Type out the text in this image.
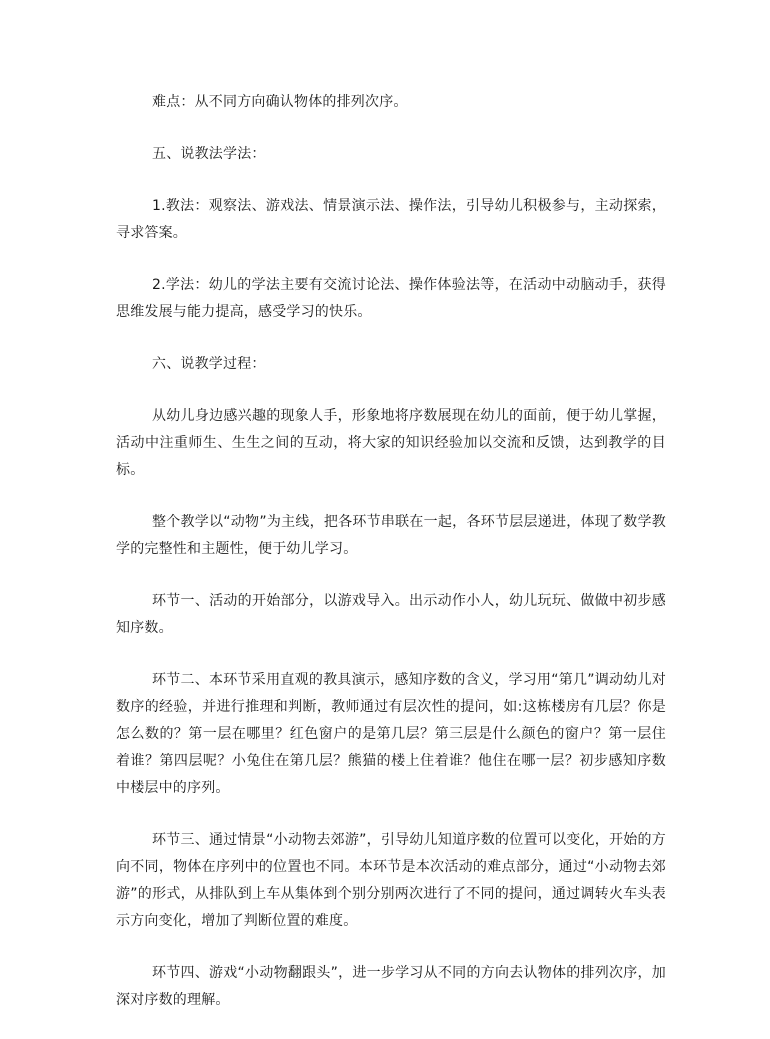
难点：从不同方向确认物体的排列次序。

五、说教法学法：

1.教法：观察法、游戏法、情景演示法、操作法，引导幼儿积极参与，主动探索，寻求答案。

2.学法：幼儿的学法主要有交流讨论法、操作体验法等，在活动中动脑动手，获得思维发展与能力提高，感受学习的快乐。

六、说教学过程：

从幼儿身边感兴趣的现象人手，形象地将序数展现在幼儿的面前，便于幼儿掌握，活动中注重师生、生生之间的互动，将大家的知识经验加以交流和反馈，达到教学的目标。

整个教学以“动物”为主线，把各环节串联在一起，各环节层层递进，体现了数学教学的完整性和主题性，便于幼儿学习。

环节一、活动的开始部分，以游戏导入。出示动作小人，幼儿玩玩、做做中初步感知序数。

环节二、本环节采用直观的教具演示，感知序数的含义，学习用“第几”调动幼儿对数序的经验，并进行推理和判断，教师通过有层次性的提问，如:这栋楼房有几层？你是怎么数的？第一层在哪里？红色窗户的是第几层？第三层是什么颜色的窗户？第一层住着谁？第四层呢？小兔住在第几层？熊猫的楼上住着谁？他住在哪一层？初步感知序数中楼层中的序列。

环节三、通过情景“小动物去郊游”，引导幼儿知道序数的位置可以变化，开始的方向不同，物体在序列中的位置也不同。本环节是本次活动的难点部分，通过“小动物去郊游”的形式，从排队到上车从集体到个别分别两次进行了不同的提问，通过调转火车头表示方向变化，增加了判断位置的难度。

环节四、游戏“小动物翻跟头”，进一步学习从不同的方向去认物体的排列次序，加深对序数的理解。
